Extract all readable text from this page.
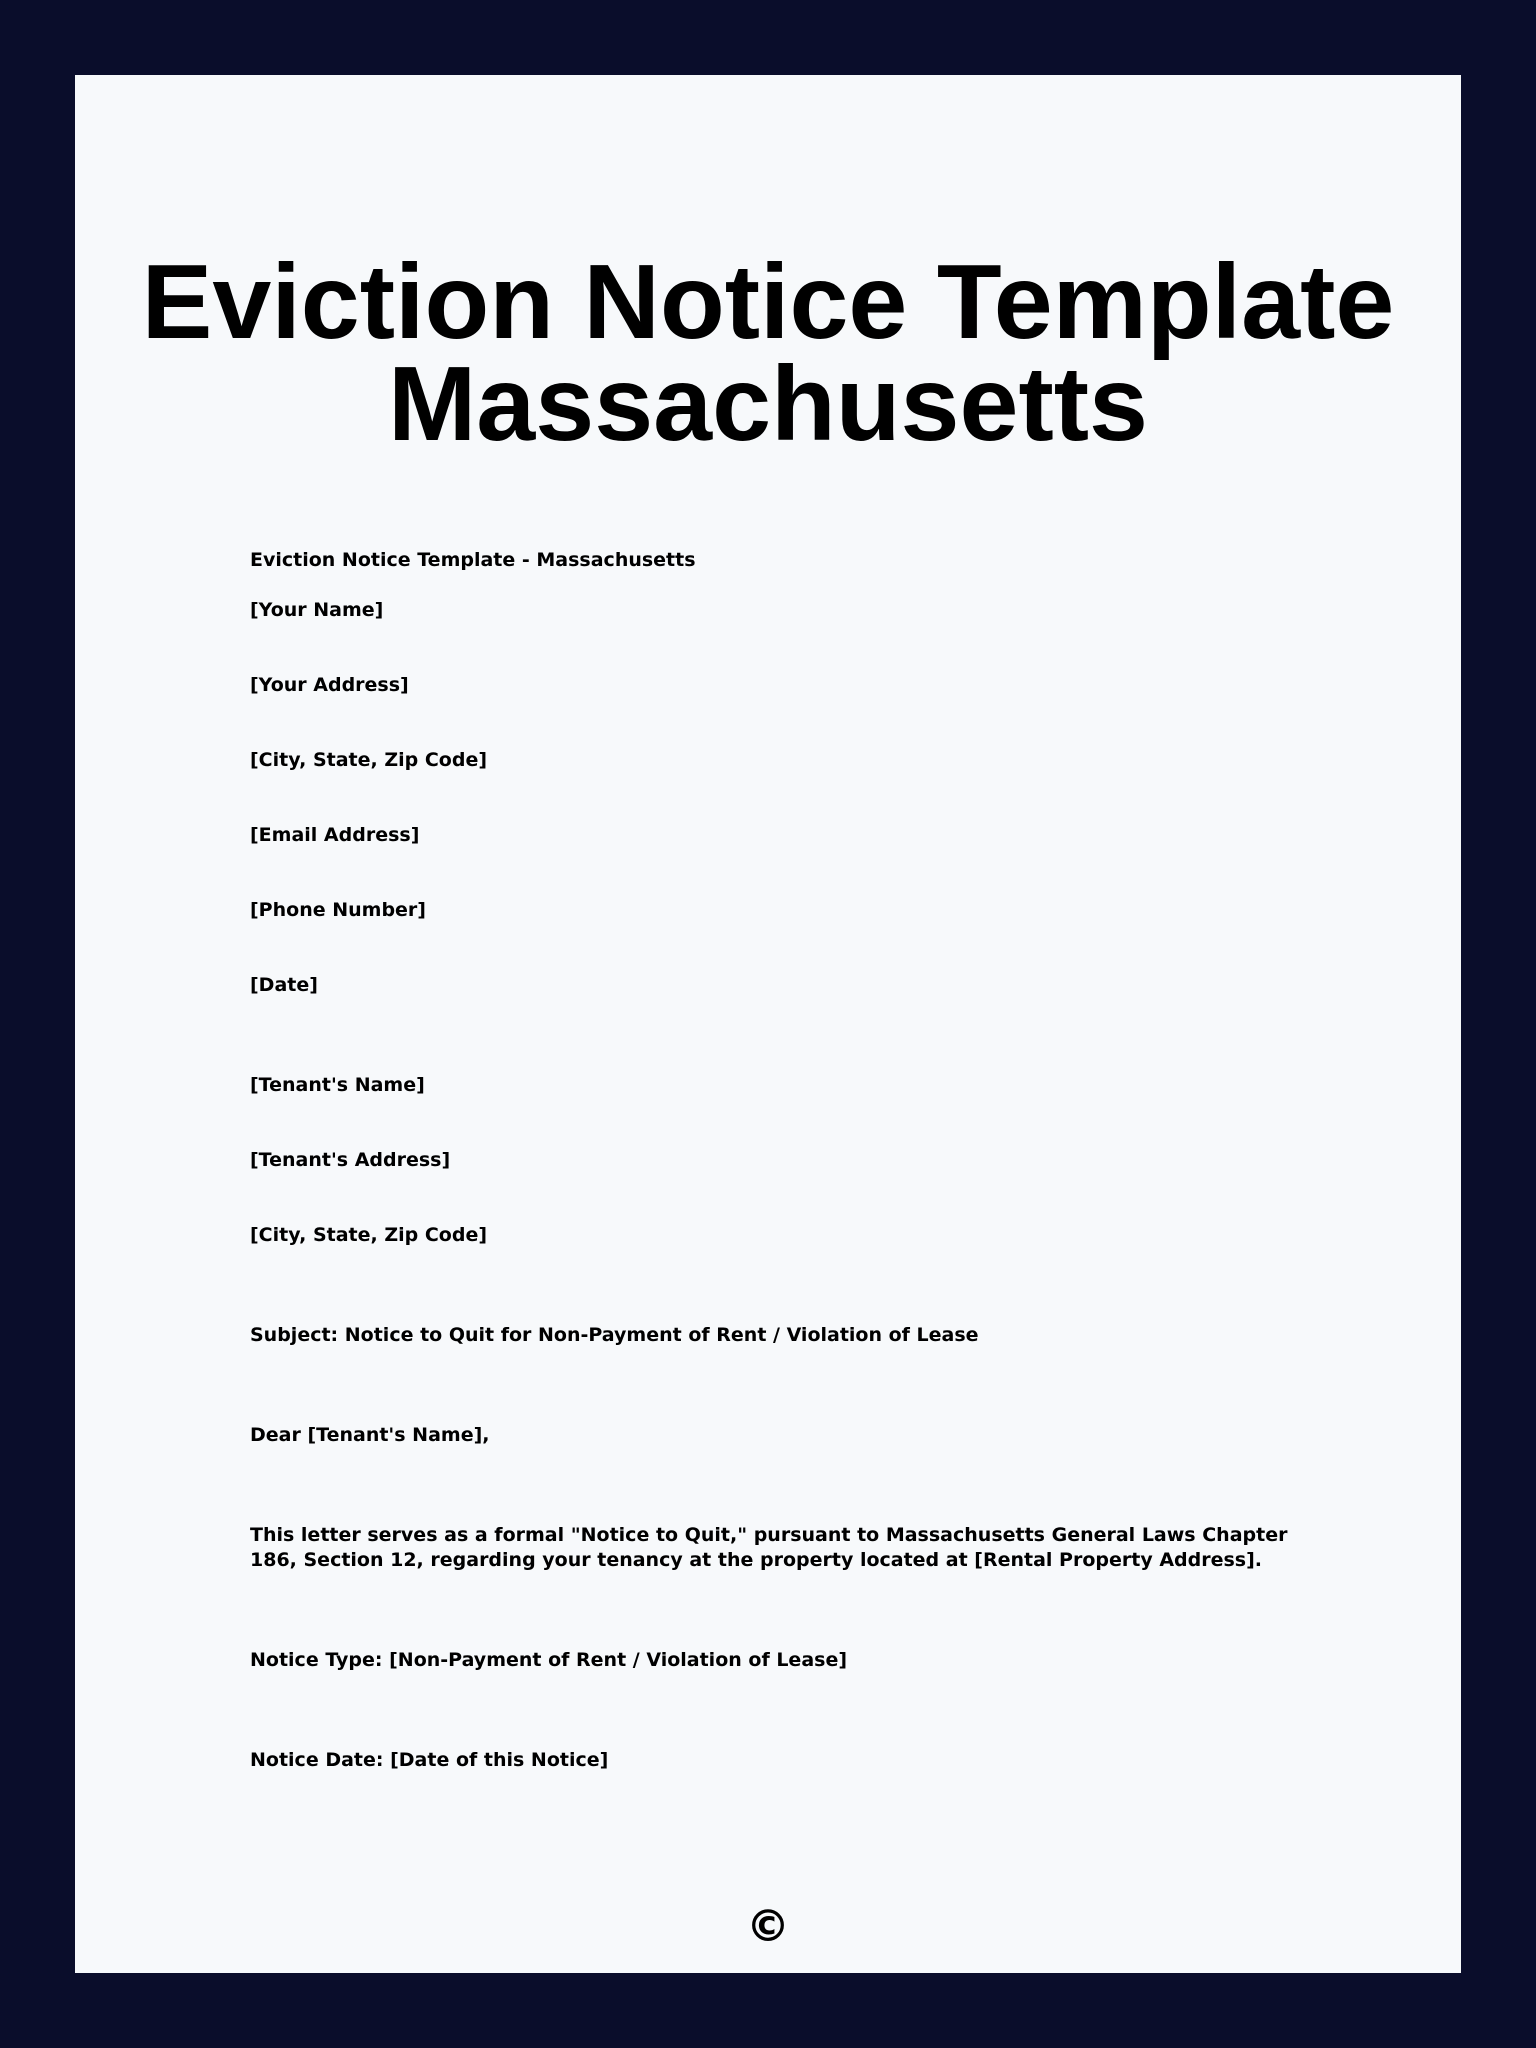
Eviction Notice Template
Massachusetts

Eviction Notice Template - Massachusetts

[Your Name]

[Your Address]

[City, State, Zip Code]

[Email Address]

[Phone Number]

[Date]

[Tenant's Name]

[Tenant's Address]

[City, State, Zip Code]

Subject: Notice to Quit for Non-Payment of Rent / Violation of Lease

Dear [Tenant's Name],

This letter serves as a formal "Notice to Quit," pursuant to Massachusetts General Laws Chapter 186, Section 12, regarding your tenancy at the property located at [Rental Property Address].

Notice Type: [Non-Payment of Rent / Violation of Lease]

Notice Date: [Date of this Notice]

©
